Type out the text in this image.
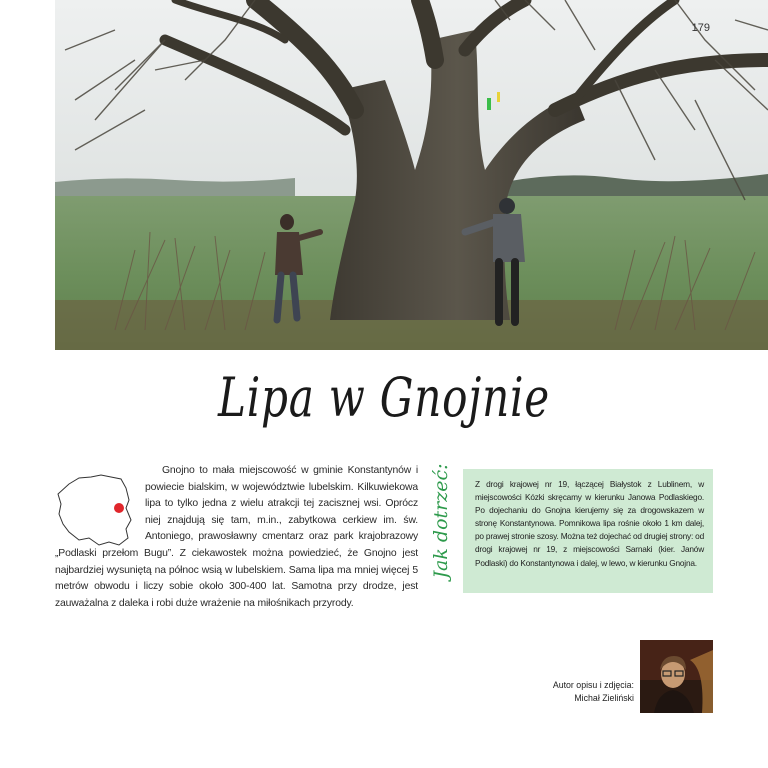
179
Lipa w Gnojnie

Gnojno to mała miejscowość w gminie Konstantynów i powiecie bialskim, w województwie lubelskim. Kilkuwiekowa lipa to tylko jedna z wielu atrakcji tej zacisznej wsi. Oprócz niej znajdują się tam, m.in., zabytkowa cerkiew im. św. Antoniego, prawosławny cmentarz oraz park krajobrazowy „Podlaski przełom Bugu”. Z ciekawostek można powiedzieć, że Gnojno jest najbardziej wysuniętą na północ wsią w lubelskiem. Sama lipa ma mniej więcej 5 metrów obwodu i liczy sobie około 300-400 lat. Samotna przy drodze, jest zauważalna z daleka i robi duże wrażenie na miłośnikach przyrody.

Jak dotrzeć:	Z drogi krajowej nr 19, łączącej Białystok z Lublinem, w miejscowości Kózki skręcamy w kierunku Janowa Podlaskiego. Po dojechaniu do Gnojna kierujemy się za drogowskazem w stronę Konstantynowa. Pomnikowa lipa rośnie około 1 km dalej, po prawej stronie szosy. Można też dojechać od drugiej strony: od drogi krajowej nr 19, z miejscowości Sarnaki (kier. Janów Podlaski) do Konstantynowa i dalej, w lewo, w kierunku Gnojna.
Autor opisu i zdjęcia:
Michał Zieliński
